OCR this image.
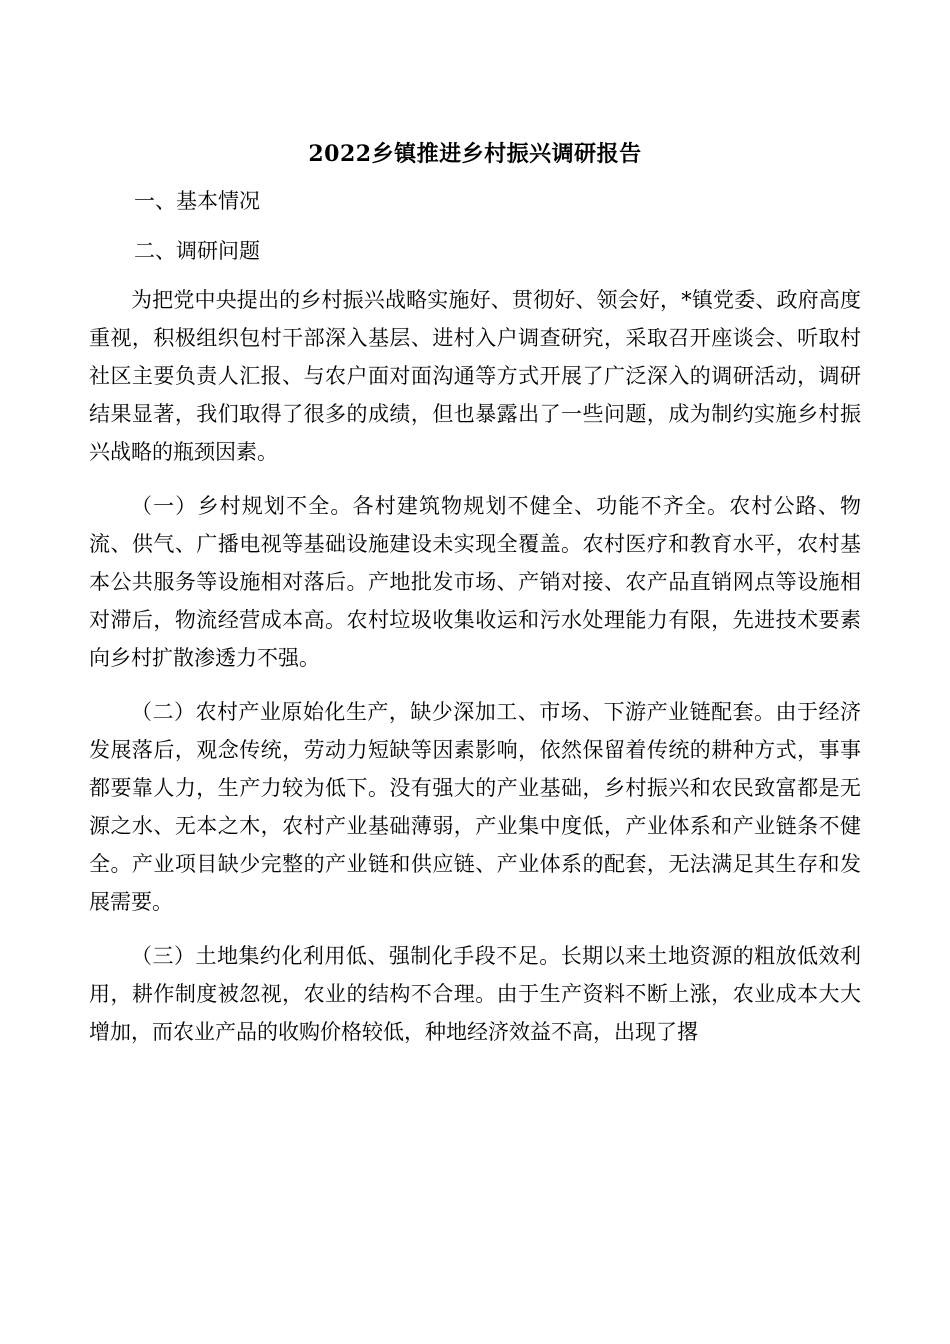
2022乡镇推进乡村振兴调研报告
一、基本情况
二、调研问题

为把党中央提出的乡村振兴战略实施好、贯彻好、领会好，*镇党委、政府高度重视，积极组织包村干部深入基层、进村入户调查研究，采取召开座谈会、听取村社区主要负责人汇报、与农户面对面沟通等方式开展了广泛深入的调研活动，调研结果显著，我们取得了很多的成绩，但也暴露出了一些问题，成为制约实施乡村振兴战略的瓶颈因素。

（一）乡村规划不全。各村建筑物规划不健全、功能不齐全。农村公路、物流、供气、广播电视等基础设施建设未实现全覆盖。农村医疗和教育水平，农村基本公共服务等设施相对落后。产地批发市场、产销对接、农产品直销网点等设施相对滞后，物流经营成本高。农村垃圾收集收运和污水处理能力有限，先进技术要素向乡村扩散渗透力不强。

（二）农村产业原始化生产，缺少深加工、市场、下游产业链配套。由于经济发展落后，观念传统，劳动力短缺等因素影响，依然保留着传统的耕种方式，事事都要靠人力，生产力较为低下。没有强大的产业基础，乡村振兴和农民致富都是无源之水、无本之木，农村产业基础薄弱，产业集中度低，产业体系和产业链条不健全。产业项目缺少完整的产业链和供应链、产业体系的配套，无法满足其生存和发展需要。

（三）土地集约化利用低、强制化手段不足。长期以来土地资源的粗放低效利用，耕作制度被忽视，农业的结构不合理。由于生产资料不断上涨，农业成本大大增加，而农业产品的收购价格较低，种地经济效益不高，出现了撂
